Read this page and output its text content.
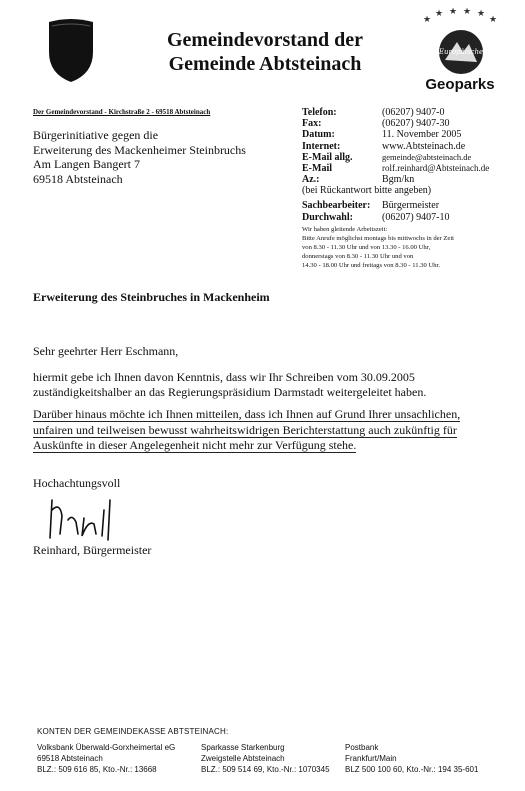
Gemeindevorstand der
Gemeinde Abtsteinach
★
★ ★ ★ ★
★
Europäische
Geoparks
Der Gemeindevorstand - Kirchstraße 2 - 69518 Abtsteinach
Bürgerinitiative gegen die
Erweiterung des Mackenheimer Steinbruchs
Am Langen Bangert 7
69518 Abtsteinach
Telefon:	(06207) 9407-0
Fax:	(06207) 9407-30
Datum:	11. November 2005
Internet:	www.Abtsteinach.de
E-Mail allg.	gemeinde@abtsteinach.de
E-Mail	rolf.reinhard@Abtsteinach.de
Az.:	Bgm/kn
(bei Rückantwort bitte angeben)
Sachbearbeiter:	Bürgermeister
Durchwahl:	(06207) 9407-10
Wir haben gleitende Arbeitszeit:
Bitte Anrufe möglichst montags bis mittwochs in der Zeit
von 8.30 - 11.30 Uhr und von 13.30 - 16.00 Uhr,
donnerstags von 8.30 - 11.30 Uhr und von
14.30 - 18.00 Uhr und freitags von 8.30 - 11.30 Uhr.
Erweiterung des Steinbruches in Mackenheim
Sehr geehrter Herr Eschmann,
hiermit gebe ich Ihnen davon Kenntnis, dass wir Ihr Schreiben vom 30.09.2005 zuständigkeitshalber an das Regierungspräsidium Darmstadt weitergeleitet haben.
Darüber hinaus möchte ich Ihnen mitteilen, dass ich Ihnen auf Grund Ihrer unsachlichen, unfairen und teilweisen bewusst wahrheitswidrigen Berichterstattung auch zukünftig für Auskünfte in dieser Angelegenheit nicht mehr zur Verfügung stehe.
Hochachtungsvoll
Reinhard, Bürgermeister
KONTEN DER GEMEINDEKASSE ABTSTEINACH:
Volksbank Überwald-Gorxheimertal eG
69518 Abtsteinach
BLZ.: 509 616 85, Kto.-Nr.: 13668
Sparkasse Starkenburg
Zweigstelle Abtsteinach
BLZ.: 509 514 69, Kto.-Nr.: 1070345
Postbank
Frankfurt/Main
BLZ 500 100 60, Kto.-Nr.: 194 35-601
